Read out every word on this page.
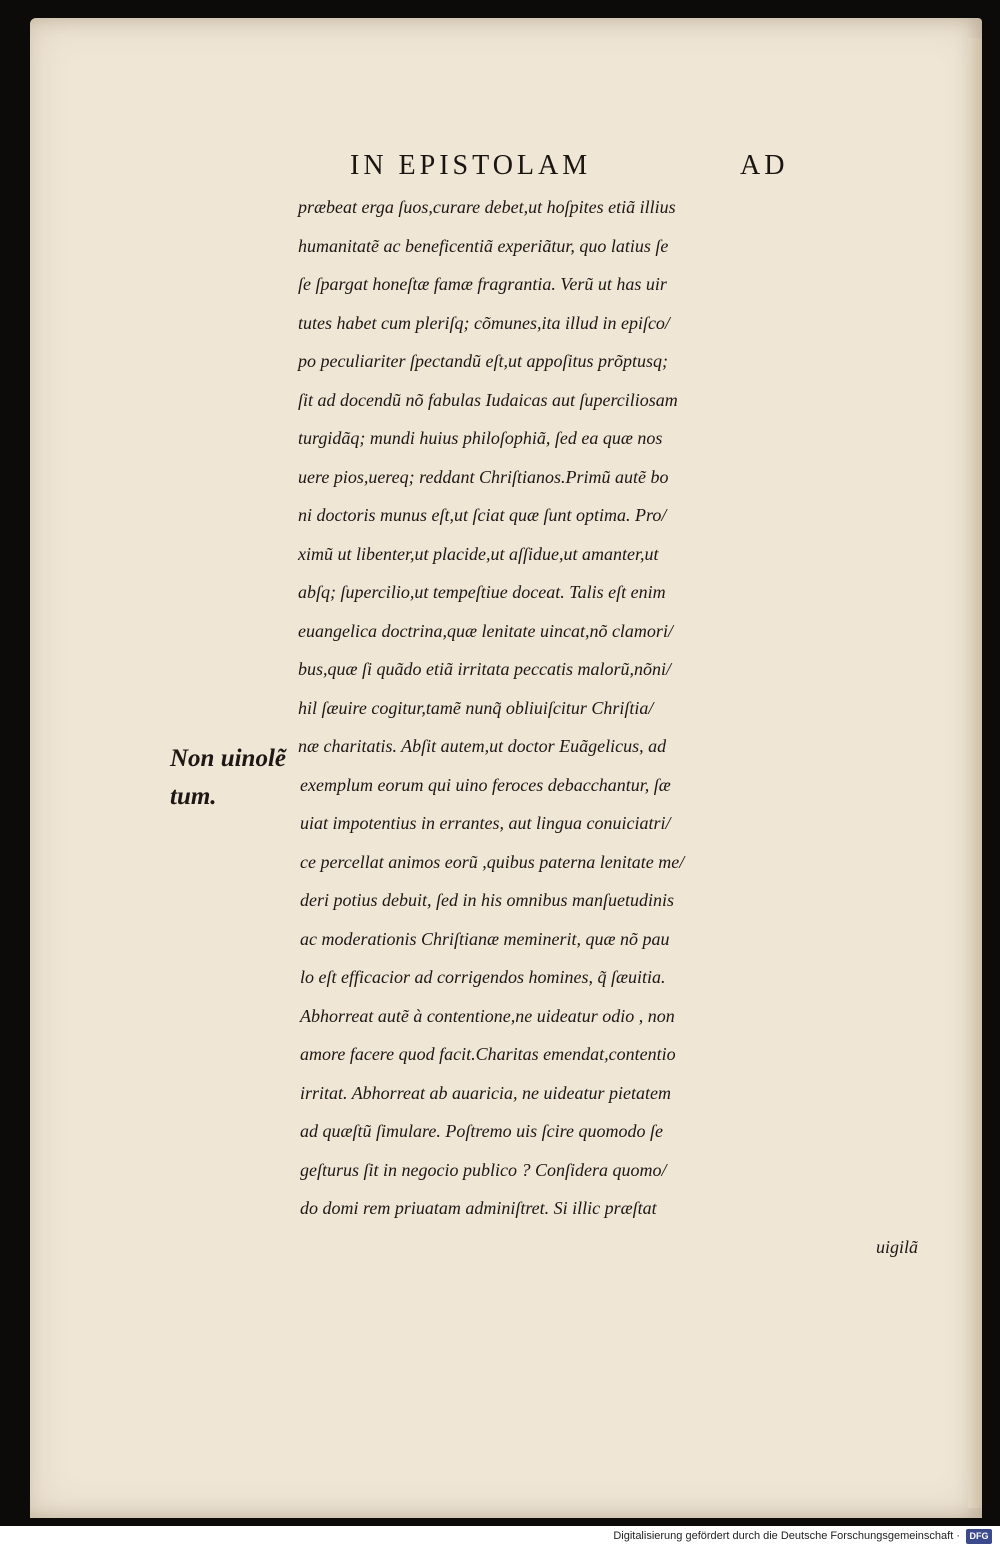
IN EPISTOLAM	AD
Non uinolẽ
tum.
præbeat erga ſuos,curare debet,ut hoſpites etiã illius
humanitatẽ ac beneficentiã experiãtur, quo latius ſe
ſe ſpargat honeſtæ famæ fragrantia. Verũ ut has uir
tutes habet cum pleriſq; cõmunes,ita illud in epiſco/
po peculiariter ſpectandũ eſt,ut appoſitus prõptusq;
ſit ad docendũ nõ fabulas Iudaicas aut ſuperciliosam
turgidãq; mundi huius philoſophiã, ſed ea quæ nos
uere pios,uereq; reddant Chriſtianos.Primũ autẽ bo
ni doctoris munus eſt,ut ſciat quæ ſunt optima. Pro/
ximũ ut libenter,ut placide,ut aſſidue,ut amanter,ut
abſq; ſupercilio,ut tempeſtiue doceat. Talis eſt enim
euangelica doctrina,quæ lenitate uincat,nõ clamori/
bus,quæ ſi quãdo etiã irritata peccatis malorũ,nõni/
hil ſæuire cogitur,tamẽ nunq̃ obliuiſcitur Chriſtia/
næ charitatis. Abſit autem,ut doctor Euãgelicus, ad
exemplum eorum qui uino feroces debacchantur, ſæ
uiat impotentius in errantes, aut lingua conuiciatri/
ce percellat animos eorũ ,quibus paterna lenitate me/
deri potius debuit, ſed in his omnibus manſuetudinis
ac moderationis Chriſtianæ meminerit, quæ nõ pau
lo eſt efficacior ad corrigendos homines, q̃ ſæuitia.
Abhorreat autẽ à contentione,ne uideatur odio , non
amore facere quod facit.Charitas emendat,contentio
irritat. Abhorreat ab auaricia, ne uideatur pietatem
ad quæſtũ ſimulare. Poſtremo uis ſcire quomodo ſe
geſturus ſit in negocio publico ? Conſidera quomo/
do domi rem priuatam adminiſtret. Si illic præſtat
uigilã
Digitalisierung gefördert durch die Deutsche Forschungsgemeinschaft ·	DFG
